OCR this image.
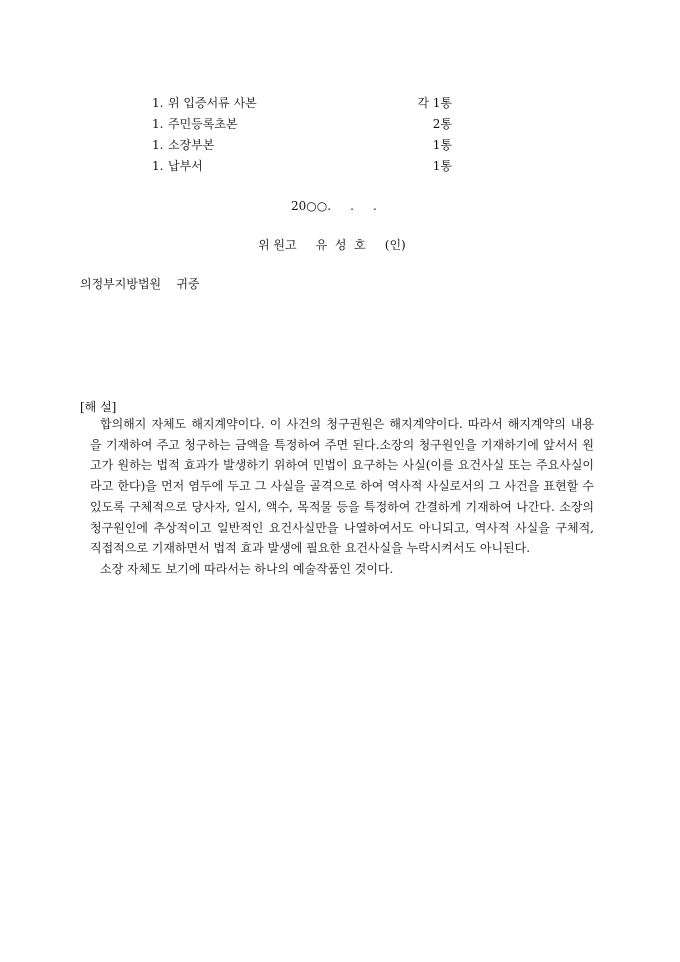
1. 위 입증서류 사본	각 1통
1. 주민등록초본	2통
1. 소장부본	1통
1. 납부서	1통
20○○.     .     .
위 원고     유  성  호     (인)
의정부지방법원    귀중
[해 설]

합의해지 자체도 해지계약이다. 이 사건의 청구권원은 해지계약이다. 따라서 해지계약의 내용을 기재하여 주고 청구하는 금액을 특정하여 주면 된다.소장의 청구원인을 기재하기에 앞서서 원고가 원하는 법적 효과가 발생하기 위하여 민법이 요구하는 사실(이를 요건사실 또는 주요사실이라고 한다)을 먼저 염두에 두고 그 사실을 골격으로 하여 역사적 사실로서의 그 사건을 표현할 수 있도록 구체적으로 당사자, 일시, 액수, 목적물 등을 특정하여 간결하게 기재하여 나간다. 소장의 청구원인에 추상적이고 일반적인 요건사실만을 나열하여서도 아니되고, 역사적 사실을 구체적, 직접적으로 기재하면서 법적 효과 발생에 필요한 요건사실을 누락시켜서도 아니된다.

소장 자체도 보기에 따라서는 하나의 예술작품인 것이다.
